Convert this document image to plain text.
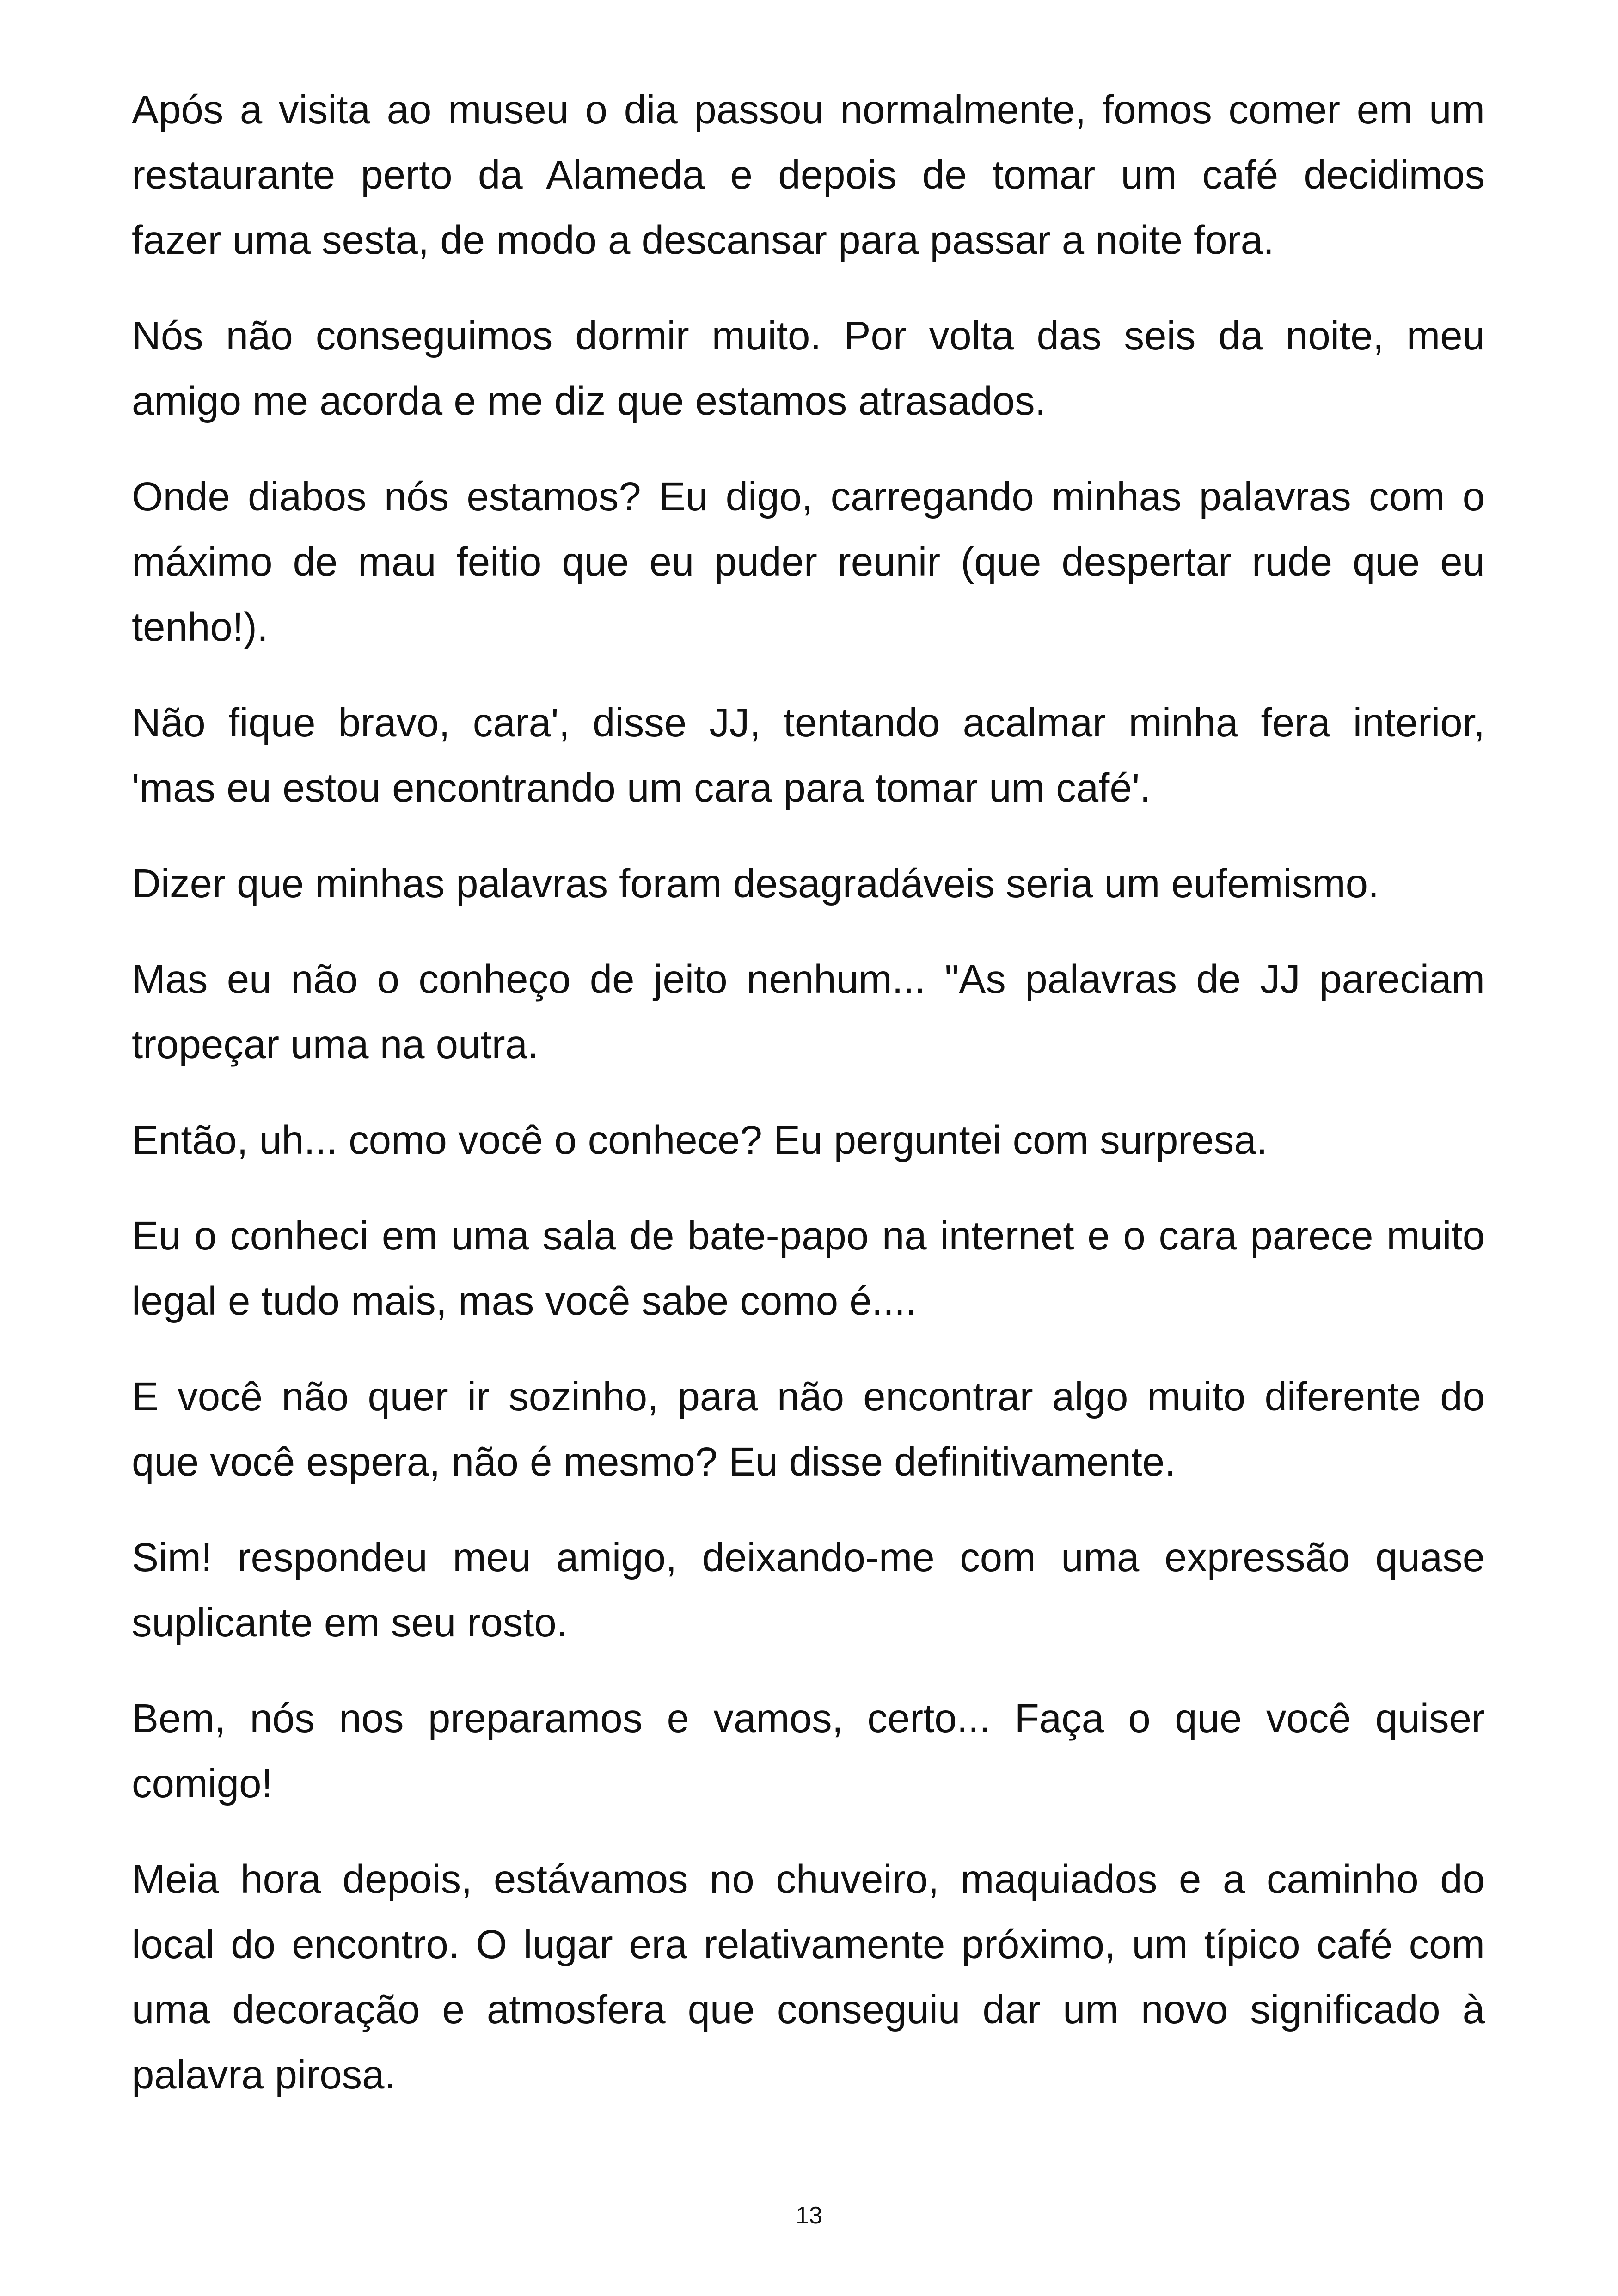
Após a visita ao museu o dia passou normalmente, fomos comer em um
restaurante perto da Alameda e depois de tomar um café decidimos
fazer uma sesta, de modo a descansar para passar a noite fora.

Nós não conseguimos dormir muito. Por volta das seis da noite, meu
amigo me acorda e me diz que estamos atrasados.

Onde diabos nós estamos? Eu digo, carregando minhas palavras com o
máximo de mau feitio que eu puder reunir (que despertar rude que eu
tenho!).

Não fique bravo, cara', disse JJ, tentando acalmar minha fera interior,
'mas eu estou encontrando um cara para tomar um café'.

Dizer que minhas palavras foram desagradáveis seria um eufemismo.

Mas eu não o conheço de jeito nenhum... "As palavras de JJ pareciam
tropeçar uma na outra.

Então, uh... como você o conhece? Eu perguntei com surpresa.

Eu o conheci em uma sala de bate-papo na internet e o cara parece muito
legal e tudo mais, mas você sabe como é....

E você não quer ir sozinho, para não encontrar algo muito diferente do
que você espera, não é mesmo? Eu disse definitivamente.

Sim! respondeu meu amigo, deixando-me com uma expressão quase
suplicante em seu rosto.

Bem, nós nos preparamos e vamos, certo... Faça o que você quiser
comigo!

Meia hora depois, estávamos no chuveiro, maquiados e a caminho do
local do encontro. O lugar era relativamente próximo, um típico café com
uma decoração e atmosfera que conseguiu dar um novo significado à
palavra pirosa.

13
